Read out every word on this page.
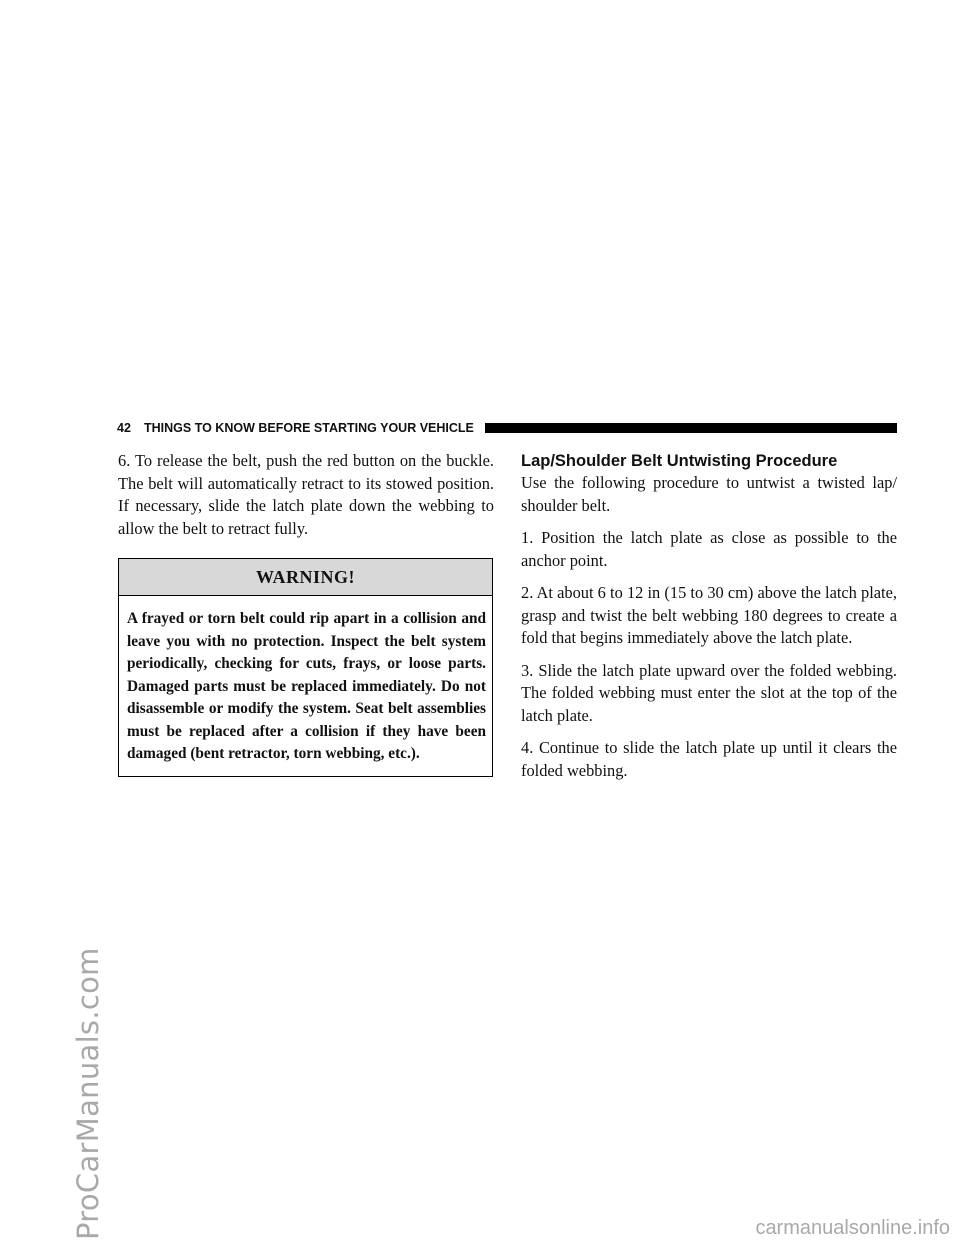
ProCarManuals.com
42 THINGS TO KNOW BEFORE STARTING YOUR VEHICLE

6. To release the belt, push the red button on the buckle. The belt will automatically retract to its stowed position. If necessary, slide the latch plate down the webbing to allow the belt to retract fully.

WARNING!
A frayed or torn belt could rip apart in a collision and leave you with no protection. Inspect the belt system periodically, checking for cuts, frays, or loose parts. Damaged parts must be replaced immediately. Do not disassemble or modify the system. Seat belt assemblies must be replaced after a collision if they have been damaged (bent retractor, torn webbing, etc.).
Lap/Shoulder Belt Untwisting Procedure

Use the following procedure to untwist a twisted lap/ shoulder belt.

1. Position the latch plate as close as possible to the anchor point.

2. At about 6 to 12 in (15 to 30 cm) above the latch plate, grasp and twist the belt webbing 180 degrees to create a fold that begins immediately above the latch plate.

3. Slide the latch plate upward over the folded webbing. The folded webbing must enter the slot at the top of the latch plate.

4. Continue to slide the latch plate up until it clears the folded webbing.

carmanualsonline.info
